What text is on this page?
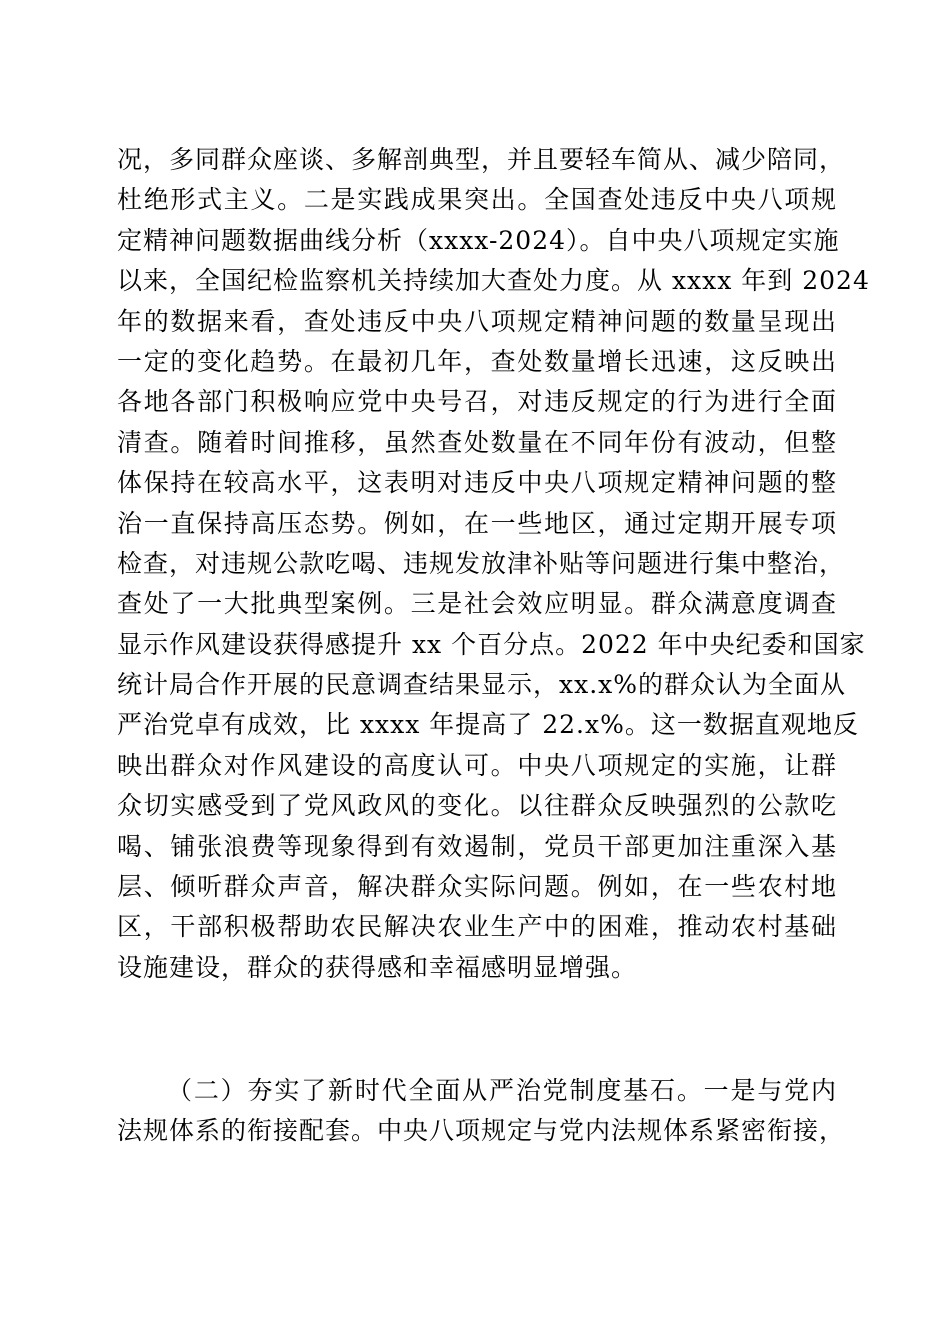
况，多同群众座谈、多解剖典型，并且要轻车简从、减少陪同，
杜绝形式主义。二是实践成果突出。全国查处违反中央八项规
定精神问题数据曲线分析（xxxx-2024）。自中央八项规定实施
以来，全国纪检监察机关持续加大查处力度。从 xxxx 年到 2024
年的数据来看，查处违反中央八项规定精神问题的数量呈现出
一定的变化趋势。在最初几年，查处数量增长迅速，这反映出
各地各部门积极响应党中央号召，对违反规定的行为进行全面
清查。随着时间推移，虽然查处数量在不同年份有波动，但整
体保持在较高水平，这表明对违反中央八项规定精神问题的整
治一直保持高压态势。例如，在一些地区，通过定期开展专项
检查，对违规公款吃喝、违规发放津补贴等问题进行集中整治，
查处了一大批典型案例。三是社会效应明显。群众满意度调查
显示作风建设获得感提升 xx 个百分点。2022 年中央纪委和国家
统计局合作开展的民意调查结果显示，xx.x%的群众认为全面从
严治党卓有成效，比 xxxx 年提高了 22.x%。这一数据直观地反
映出群众对作风建设的高度认可。中央八项规定的实施，让群
众切实感受到了党风政风的变化。以往群众反映强烈的公款吃
喝、铺张浪费等现象得到有效遏制，党员干部更加注重深入基
层、倾听群众声音，解决群众实际问题。例如，在一些农村地
区，干部积极帮助农民解决农业生产中的困难，推动农村基础
设施建设，群众的获得感和幸福感明显增强。
（二）夯实了新时代全面从严治党制度基石。一是与党内
法规体系的衔接配套。中央八项规定与党内法规体系紧密衔接，
